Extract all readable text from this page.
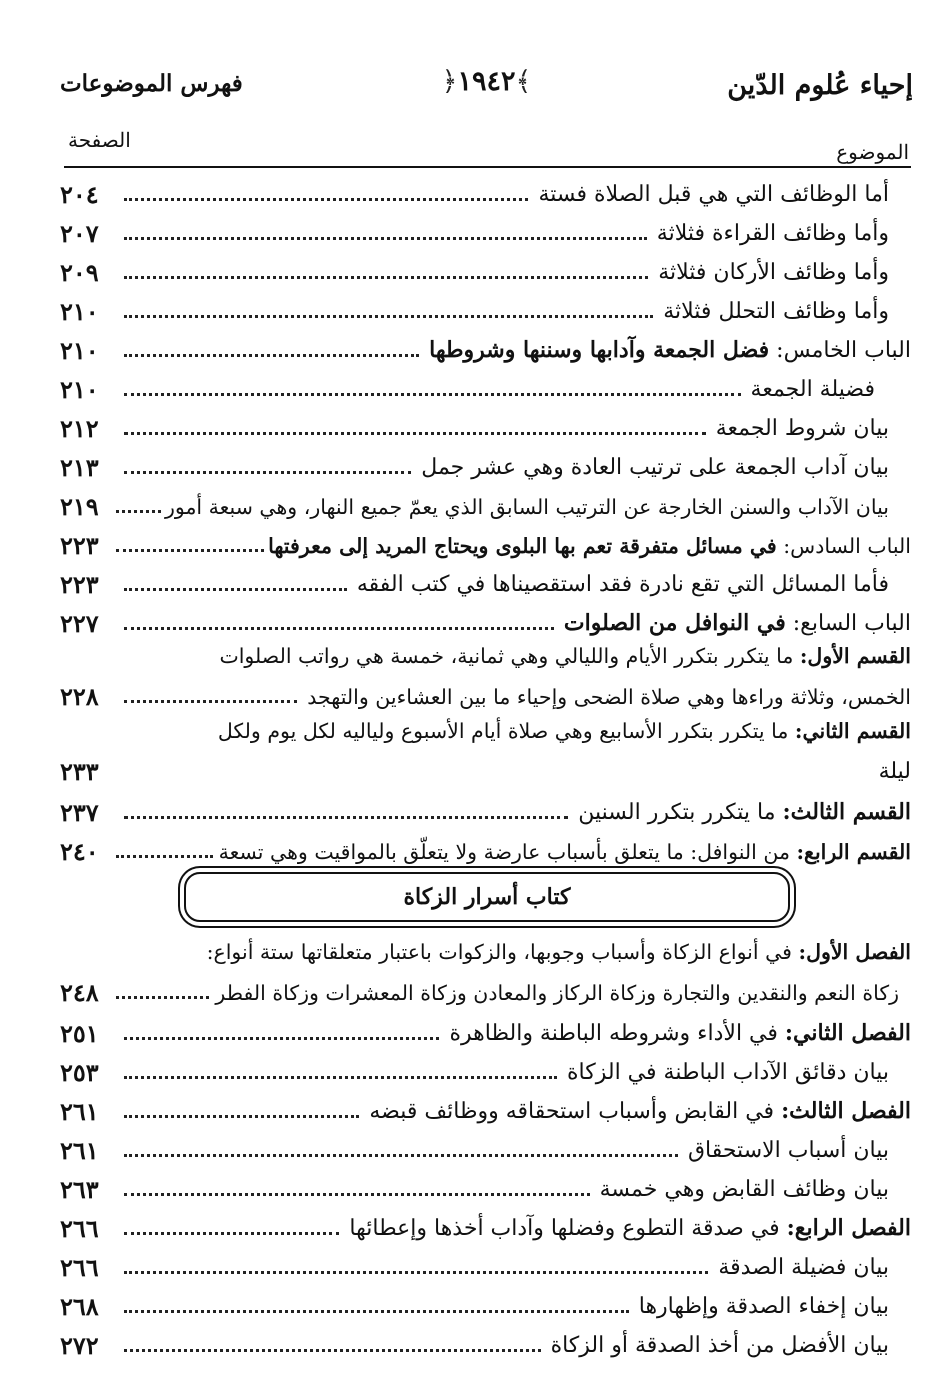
إحياء عُلوم الدّين
﴾١٩٤٢﴿
فهرس الموضوعات
الموضوع
الصفحة
أما الوظائف التي هي قبل الصلاة فستة
٢٠٤
وأما وظائف القراءة فثلاثة
٢٠٧
وأما وظائف الأركان فثلاثة
٢٠٩
وأما وظائف التحلل فثلاثة
٢١٠
الباب الخامس: فضل الجمعة وآدابها وسننها وشروطها
٢١٠
فضيلة الجمعة
٢١٠
بيان شروط الجمعة
٢١٢
بيان آداب الجمعة على ترتيب العادة وهي عشر جمل
٢١٣
بيان الآداب والسنن الخارجة عن الترتيب السابق الذي يعمّ جميع النهار، وهي سبعة أمور
٢١٩
الباب السادس: في مسائل متفرقة تعم بها البلوى ويحتاج المريد إلى معرفتها
٢٢٣
فأما المسائل التي تقع نادرة فقد استقصيناها في كتب الفقه
٢٢٣
الباب السابع: في النوافل من الصلوات
٢٢٧
القسم الأول: ما يتكرر بتكرر الأيام والليالي وهي ثمانية، خمسة هي رواتب الصلوات
الخمس، وثلاثة وراءها وهي صلاة الضحى وإحياء ما بين العشاءين والتهجد
٢٢٨
القسم الثاني: ما يتكرر بتكرر الأسابيع وهي صلاة أيام الأسبوع ولياليه لكل يوم ولكل
ليلة
٢٣٣
القسم الثالث: ما يتكرر بتكرر السنين
٢٣٧
القسم الرابع: من النوافل: ما يتعلق بأسباب عارضة ولا يتعلّق بالمواقيت وهي تسعة
٢٤٠
كتاب أسرار الزكاة
الفصل الأول: في أنواع الزكاة وأسباب وجوبها، والزكوات باعتبار متعلقاتها ستة أنواع:
زكاة النعم والنقدين والتجارة وزكاة الركاز والمعادن وزكاة المعشرات وزكاة الفطر
٢٤٨
الفصل الثاني: في الأداء وشروطه الباطنة والظاهرة
٢٥١
بيان دقائق الآداب الباطنة في الزكاة
٢٥٣
الفصل الثالث: في القابض وأسباب استحقاقه ووظائف قبضه
٢٦١
بيان أسباب الاستحقاق
٢٦١
بيان وظائف القابض وهي خمسة
٢٦٣
الفصل الرابع: في صدقة التطوع وفضلها وآداب أخذها وإعطائها
٢٦٦
بيان فضيلة الصدقة
٢٦٦
بيان إخفاء الصدقة وإظهارها
٢٦٨
بيان الأفضل من أخذ الصدقة أو الزكاة
٢٧٢
